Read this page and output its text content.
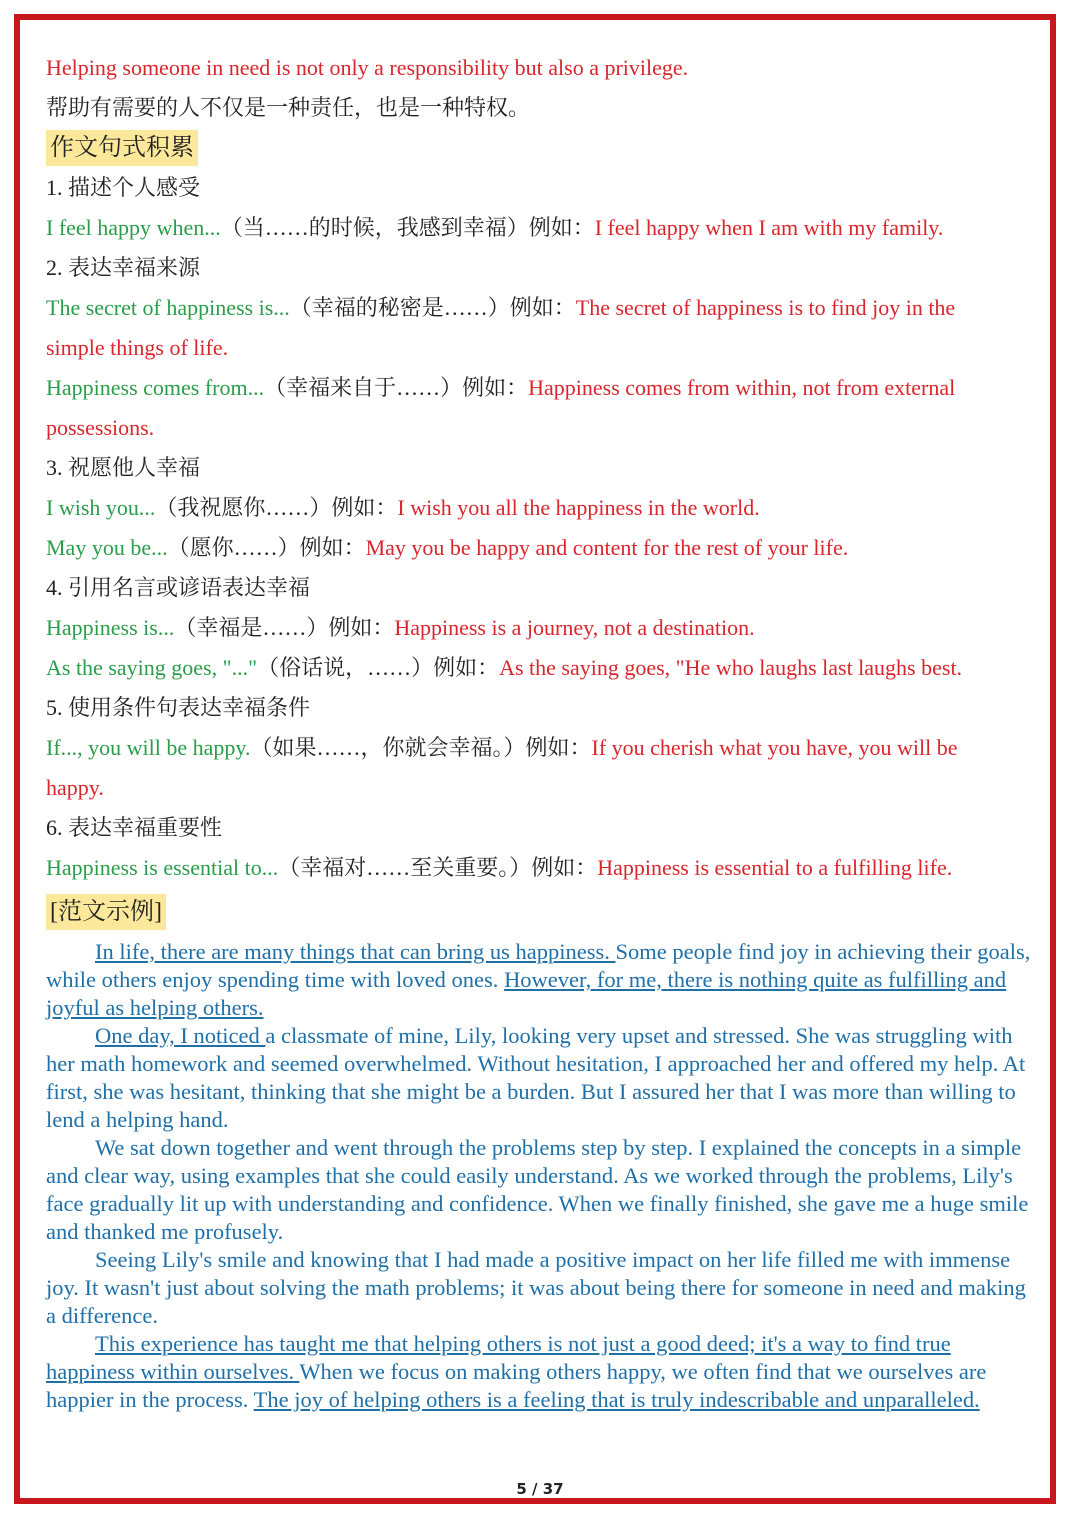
Helping someone in need is not only a responsibility but also a privilege.

帮助有需要的人不仅是一种责任，也是一种特权。

作文句式积累

1. 描述个人感受

I feel happy when...（当……的时候，我感到幸福）例如：I feel happy when I am with my family.

2. 表达幸福来源

The secret of happiness is...（幸福的秘密是……）例如：The secret of happiness is to find joy in the

simple things of life.

Happiness comes from...（幸福来自于……）例如：Happiness comes from within, not from external

possessions.

3. 祝愿他人幸福

I wish you...（我祝愿你……）例如：I wish you all the happiness in the world.

May you be...（愿你……）例如：May you be happy and content for the rest of your life.

4. 引用名言或谚语表达幸福

Happiness is...（幸福是……）例如：Happiness is a journey, not a destination.

As the saying goes, "..."（俗话说，……）例如：As the saying goes, "He who laughs last laughs best.

5. 使用条件句表达幸福条件

If..., you will be happy.（如果……，你就会幸福。）例如：If you cherish what you have, you will be

happy.

6. 表达幸福重要性

Happiness is essential to...（幸福对……至关重要。）例如：Happiness is essential to a fulfilling life.

[范文示例]

In life, there are many things that can bring us happiness. Some people find joy in achieving their goals, while others enjoy spending time with loved ones. However, for me, there is nothing quite as fulfilling and joyful as helping others.

One day, I noticed a classmate of mine, Lily, looking very upset and stressed. She was struggling with her math homework and seemed overwhelmed. Without hesitation, I approached her and offered my help. At first, she was hesitant, thinking that she might be a burden. But I assured her that I was more than willing to lend a helping hand.

We sat down together and went through the problems step by step. I explained the concepts in a simple and clear way, using examples that she could easily understand. As we worked through the problems, Lily's face gradually lit up with understanding and confidence. When we finally finished, she gave me a huge smile and thanked me profusely.

Seeing Lily's smile and knowing that I had made a positive impact on her life filled me with immense joy. It wasn't just about solving the math problems; it was about being there for someone in need and making a difference.

This experience has taught me that helping others is not just a good deed; it's a way to find true happiness within ourselves. When we focus on making others happy, we often find that we ourselves are happier in the process. The joy of helping others is a feeling that is truly indescribable and unparalleled.

5 / 37
